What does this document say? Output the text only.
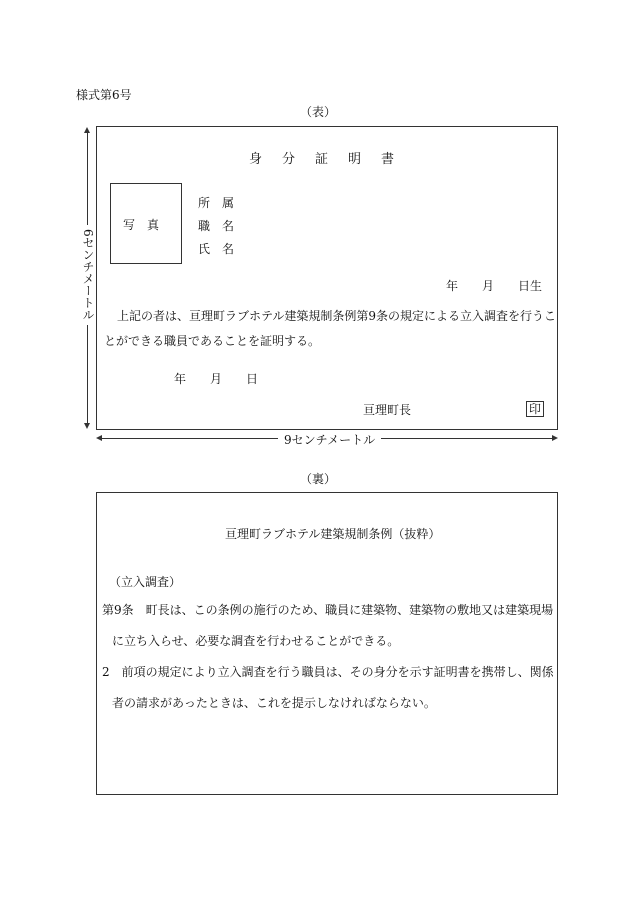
様式第6号
（表）
6センチメートル
身分証明書
写　真
所　属
職　名
氏　名
年　　月　　日生
上記の者は、亘理町ラブホテル建築規制条例第9条の規定による立入調査を行うこ
とができる職員であることを証明する。
年　　月　　日
亘理町長	印
9センチメートル
（裏）
亘理町ラブホテル建築規制条例（抜粋）
（立入調査）
第9条　町長は、この条例の施行のため、職員に建築物、建築物の敷地又は建築現場
に立ち入らせ、必要な調査を行わせることができる。
2　前項の規定により立入調査を行う職員は、その身分を示す証明書を携帯し、関係
者の請求があったときは、これを提示しなければならない。
